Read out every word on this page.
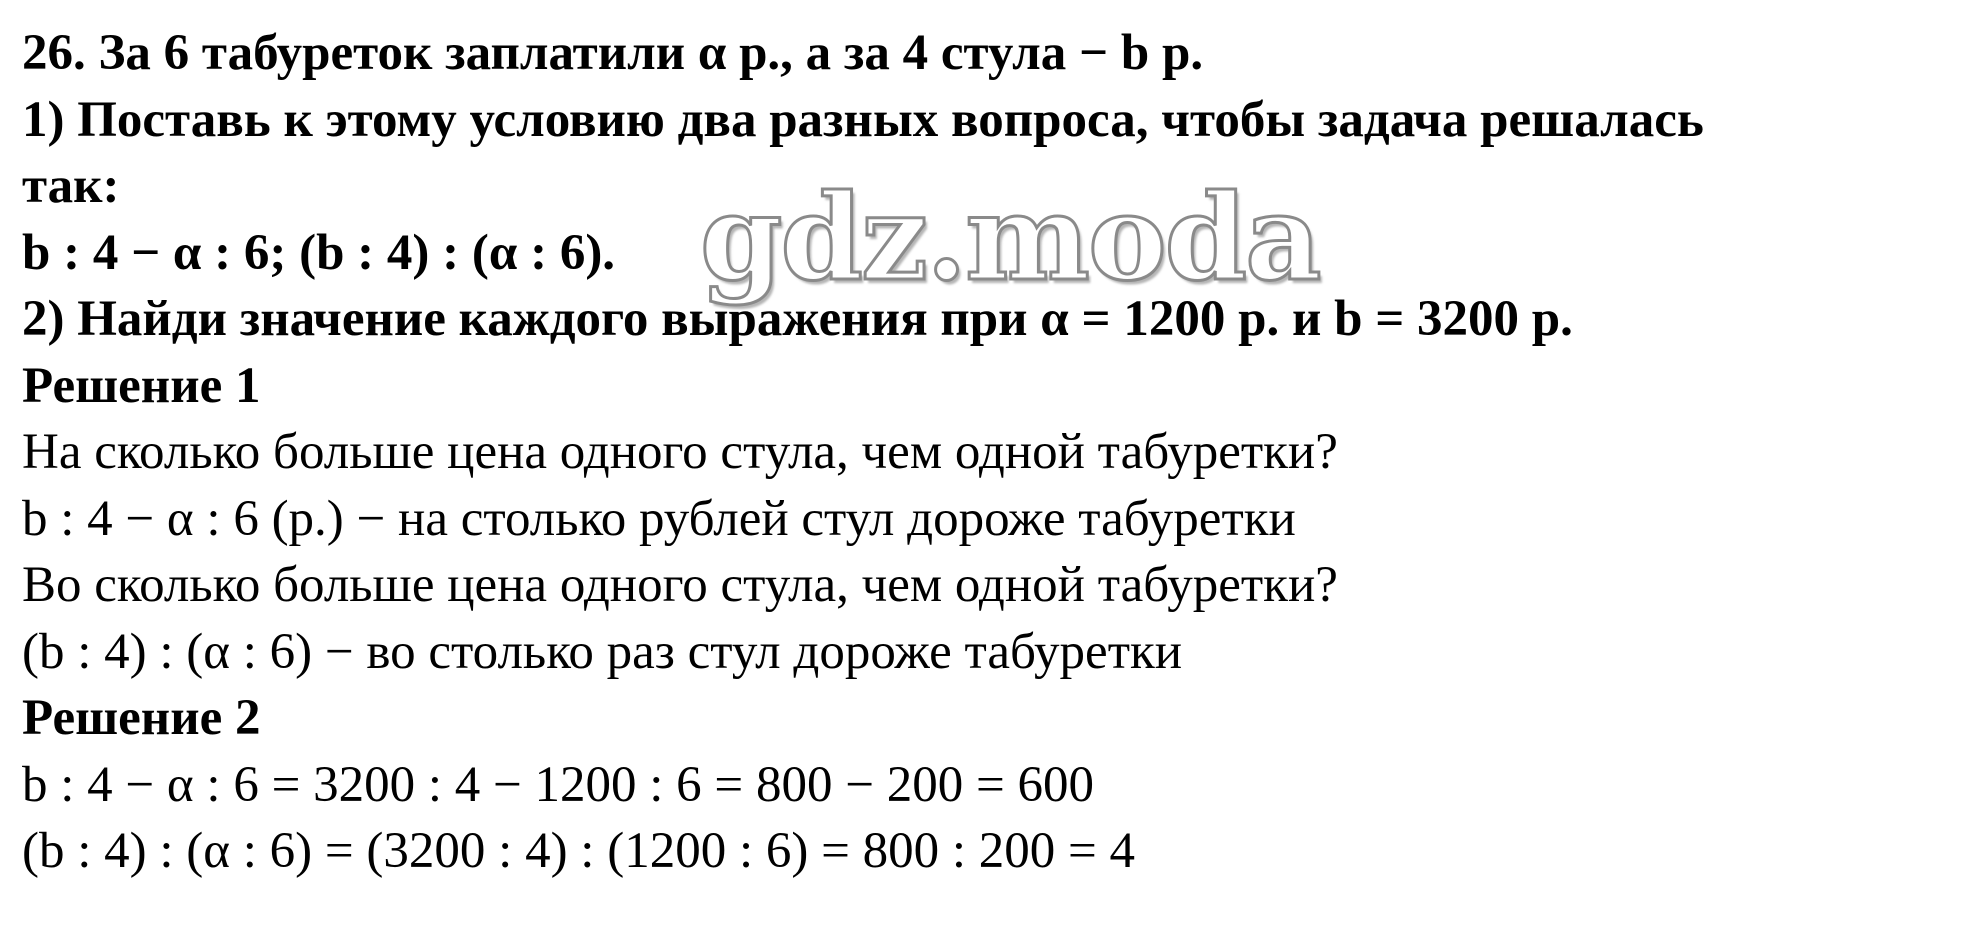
26. За 6 табуреток заплатили α р., а за 4 стула − b р.
1) Поставь к этому условию два разных вопроса, чтобы задача решалась
так:
b : 4 − α : 6; (b : 4) : (α : 6).
2) Найди значение каждого выражения при α = 1200 р. и b = 3200 р.
Решение 1
На сколько больше цена одного стула, чем одной табуретки?
b : 4 − α : 6 (р.) − на столько рублей стул дороже табуретки
Во сколько больше цена одного стула, чем одной табуретки?
(b : 4) : (α : 6) − во столько раз стул дороже табуретки
Решение 2
b : 4 − α : 6 = 3200 : 4 − 1200 : 6 = 800 − 200 = 600
(b : 4) : (α : 6) = (3200 : 4) : (1200 : 6) = 800 : 200 = 4
gdz.moda
